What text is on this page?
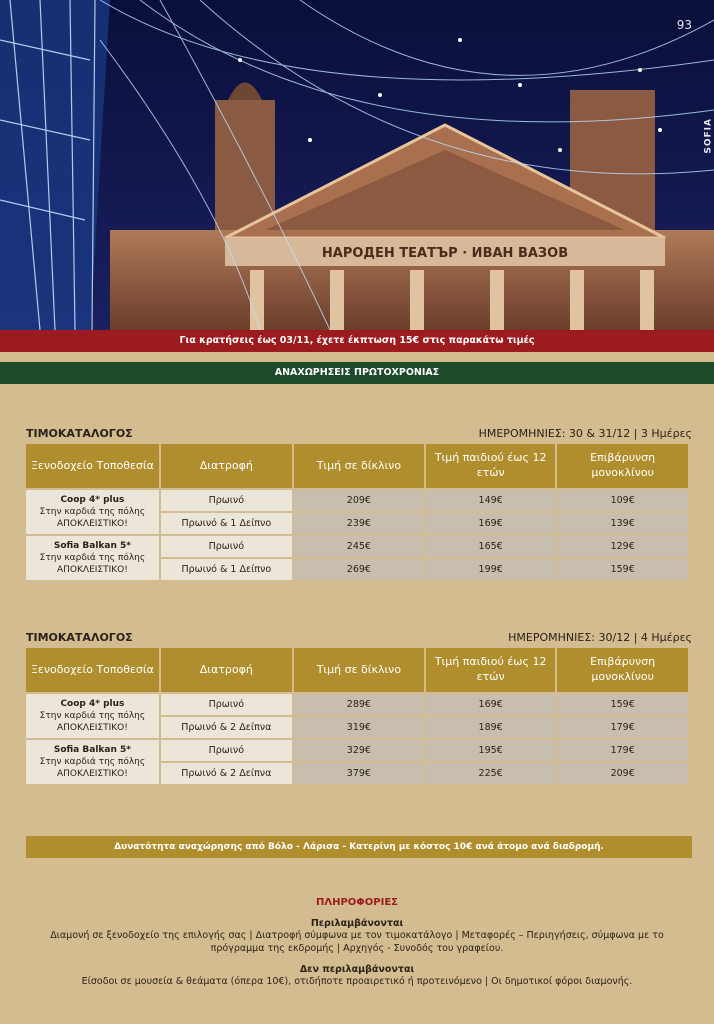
НАРОДЕН ТЕАТЪР · ИВАН ВАЗОВ
93
SOFIA
Για κρατήσεις έως 03/11, έχετε έκπτωση 15€ στις παρακάτω τιμές
ΑΝΑΧΩΡΗΣΕΙΣ ΠΡΩΤΟΧΡΟΝΙΑΣ
ΤΙΜΟΚΑΤΑΛΟΓΟΣ	ΗΜΕΡΟΜΗΝΙΕΣ: 30 & 31/12 | 3 Ημέρες
Ξενοδοχείο Τοποθεσία	Διατροφή	Τιμή σε δίκλινο	Τιμή παιδιού έως 12 ετών	Επιβάρυνση μονοκλίνου
Coop 4* plus
Στην καρδιά της πόλης
ΑΠΟΚΛΕΙΣΤΙΚΟ!	Πρωινό	209€	149€	109€
	Πρωινό & 1 Δείπνο	239€	169€	139€
Sofia Balkan 5*
Στην καρδιά της πόλης
ΑΠΟΚΛΕΙΣΤΙΚΟ!	Πρωινό	245€	165€	129€
	Πρωινό & 1 Δείπνο	269€	199€	159€
ΤΙΜΟΚΑΤΑΛΟΓΟΣ	ΗΜΕΡΟΜΗΝΙΕΣ: 30/12 | 4 Ημέρες
Ξενοδοχείο Τοποθεσία	Διατροφή	Τιμή σε δίκλινο	Τιμή παιδιού έως 12 ετών	Επιβάρυνση μονοκλίνου
Coop 4* plus
Στην καρδιά της πόλης
ΑΠΟΚΛΕΙΣΤΙΚΟ!	Πρωινό	289€	169€	159€
	Πρωινό & 2 Δείπνα	319€	189€	179€
Sofia Balkan 5*
Στην καρδιά της πόλης
ΑΠΟΚΛΕΙΣΤΙΚΟ!	Πρωινό	329€	195€	179€
	Πρωινό & 2 Δείπνα	379€	225€	209€
Δυνατότητα αναχώρησης από Βόλο - Λάρισα - Κατερίνη με κόστος 10€ ανά άτομο ανά διαδρομή.
ΠΛΗΡΟΦΟΡΙΕΣ
Περιλαμβάνονται
Διαμονή σε ξενοδοχείο της επιλογής σας | Διατροφή σύμφωνα με τον τιμοκατάλογο | Μεταφορές – Περιηγήσεις, σύμφωνα με το πρόγραμμα της εκδρομής | Αρχηγός - Συνοδός του γραφείου.
Δεν περιλαμβάνονται
Είσοδοι σε μουσεία & θεάματα (όπερα 10€), οτιδήποτε προαιρετικό ή προτεινόμενο | Οι δημοτικοί φόροι διαμονής.
